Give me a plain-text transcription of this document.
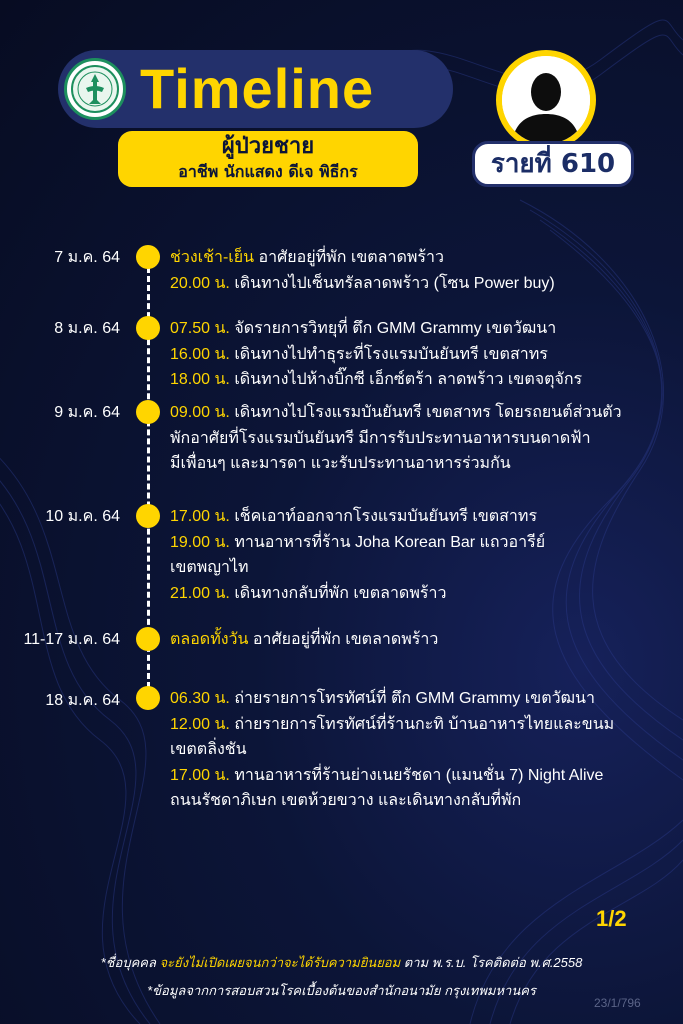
Timeline
ผู้ป่วยชาย
อาชีพ นักแสดง ดีเจ พิธีกร	รายที่ 610
7 ม.ค. 64	ช่วงเช้า-เย็น อาศัยอยู่ที่พัก เขตลาดพร้าว
20.00 น. เดินทางไปเซ็นทรัลลาดพร้าว (โซน Power buy)
8 ม.ค. 64	07.50 น. จัดรายการวิทยุที่ ตึก GMM Grammy เขตวัฒนา
16.00 น. เดินทางไปทำธุระที่โรงแรมบันยันทรี เขตสาทร
18.00 น. เดินทางไปห้างบิ๊กซี เอ็กซ์ตร้า ลาดพร้าว เขตจตุจักร
9 ม.ค. 64	09.00 น. เดินทางไปโรงแรมบันยันทรี เขตสาทร โดยรถยนต์ส่วนตัว
พักอาศัยที่โรงแรมบันยันทรี มีการรับประทานอาหารบนดาดฟ้า
มีเพื่อนๆ และมารดา แวะรับประทานอาหารร่วมกัน
10 ม.ค. 64	17.00 น. เช็คเอาท์ออกจากโรงแรมบันยันทรี เขตสาทร
19.00 น. ทานอาหารที่ร้าน Joha Korean Bar แถวอารีย์
เขตพญาไท
21.00 น. เดินทางกลับที่พัก เขตลาดพร้าว
11-17 ม.ค. 64	ตลอดทั้งวัน อาศัยอยู่ที่พัก เขตลาดพร้าว
18 ม.ค. 64	06.30 น. ถ่ายรายการโทรทัศน์ที่ ตึก GMM Grammy เขตวัฒนา
12.00 น. ถ่ายรายการโทรทัศน์ที่ร้านกะทิ บ้านอาหารไทยและขนม
เขตตลิ่งชัน
17.00 น. ทานอาหารที่ร้านย่างเนยรัชดา (แมนชั่น 7) Night Alive
ถนนรัชดาภิเษก เขตห้วยขวาง และเดินทางกลับที่พัก
1/2
*ชื่อบุคคล จะยังไม่เปิดเผยจนกว่าจะได้รับความยินยอม ตาม พ.ร.บ. โรคติดต่อ พ.ศ.2558
*ข้อมูลจากการสอบสวนโรคเบื้องต้นของสำนักอนามัย กรุงเทพมหานคร
23/1/796
